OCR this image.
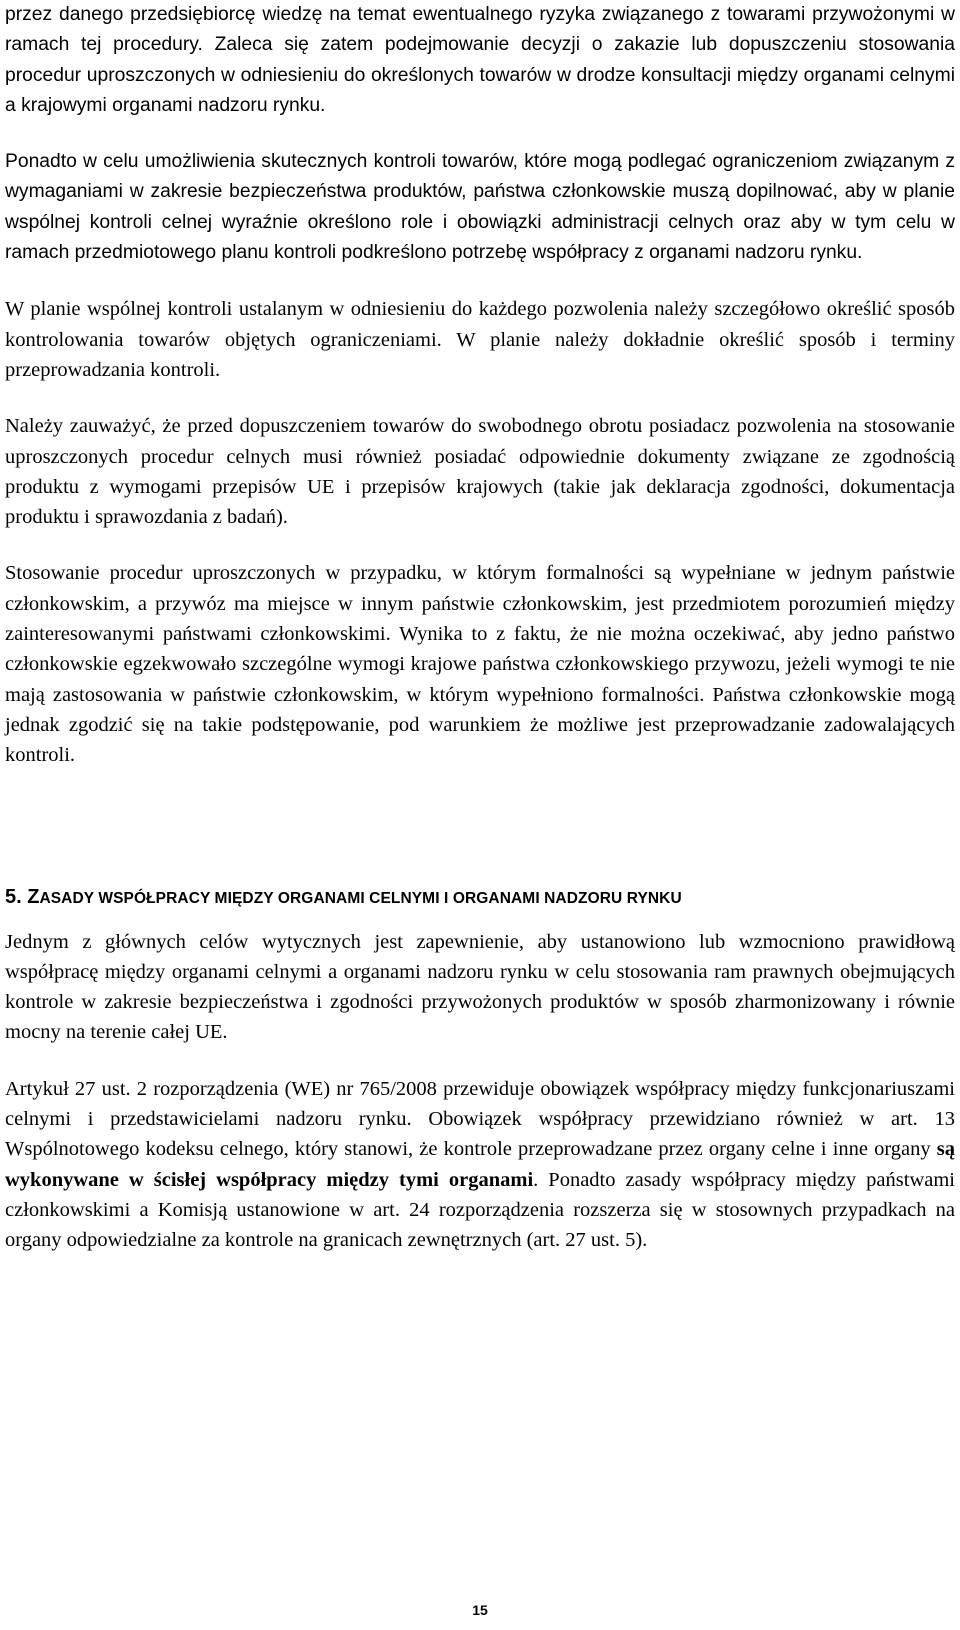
przez danego przedsiębiorcę wiedzę na temat ewentualnego ryzyka związanego z towarami przywożonymi w ramach tej procedury. Zaleca się zatem podejmowanie decyzji o zakazie lub dopuszczeniu stosowania procedur uproszczonych w odniesieniu do określonych towarów w drodze konsultacji między organami celnymi a krajowymi organami nadzoru rynku.

Ponadto w celu umożliwienia skutecznych kontroli towarów, które mogą podlegać ograniczeniom związanym z wymaganiami w zakresie bezpieczeństwa produktów, państwa członkowskie muszą dopilnować, aby w planie wspólnej kontroli celnej wyraźnie określono role i obowiązki administracji celnych oraz aby w tym celu w ramach przedmiotowego planu kontroli podkreślono potrzebę współpracy z organami nadzoru rynku.

W planie wspólnej kontroli ustalanym w odniesieniu do każdego pozwolenia należy szczegółowo określić sposób kontrolowania towarów objętych ograniczeniami. W planie należy dokładnie określić sposób i terminy przeprowadzania kontroli.

Należy zauważyć, że przed dopuszczeniem towarów do swobodnego obrotu posiadacz pozwolenia na stosowanie uproszczonych procedur celnych musi również posiadać odpowiednie dokumenty związane ze zgodnością produktu z wymogami przepisów UE i przepisów krajowych (takie jak deklaracja zgodności, dokumentacja produktu i sprawozdania z badań).

Stosowanie procedur uproszczonych w przypadku, w którym formalności są wypełniane w jednym państwie członkowskim, a przywóz ma miejsce w innym państwie członkowskim, jest przedmiotem porozumień między zainteresowanymi państwami członkowskimi. Wynika to z faktu, że nie można oczekiwać, aby jedno państwo członkowskie egzekwowało szczególne wymogi krajowe państwa członkowskiego przywozu, jeżeli wymogi te nie mają zastosowania w państwie członkowskim, w którym wypełniono formalności. Państwa członkowskie mogą jednak zgodzić się na takie podstępowanie, pod warunkiem że możliwe jest przeprowadzanie zadowalających kontroli.

5. ZASADY WSPÓŁPRACY MIĘDZY ORGANAMI CELNYMI I ORGANAMI NADZORU RYNKU

Jednym z głównych celów wytycznych jest zapewnienie, aby ustanowiono lub wzmocniono prawidłową współpracę między organami celnymi a organami nadzoru rynku w celu stosowania ram prawnych obejmujących kontrole w zakresie bezpieczeństwa i zgodności przywożonych produktów w sposób zharmonizowany i równie mocny na terenie całej UE.

Artykuł 27 ust. 2 rozporządzenia (WE) nr 765/2008 przewiduje obowiązek współpracy między funkcjonariuszami celnymi i przedstawicielami nadzoru rynku. Obowiązek współpracy przewidziano również w art. 13 Wspólnotowego kodeksu celnego, który stanowi, że kontrole przeprowadzane przez organy celne i inne organy są wykonywane w ścisłej współpracy między tymi organami. Ponadto zasady współpracy między państwami członkowskimi a Komisją ustanowione w art. 24 rozporządzenia rozszerza się w stosownych przypadkach na organy odpowiedzialne za kontrole na granicach zewnętrznych (art. 27 ust. 5).

15
